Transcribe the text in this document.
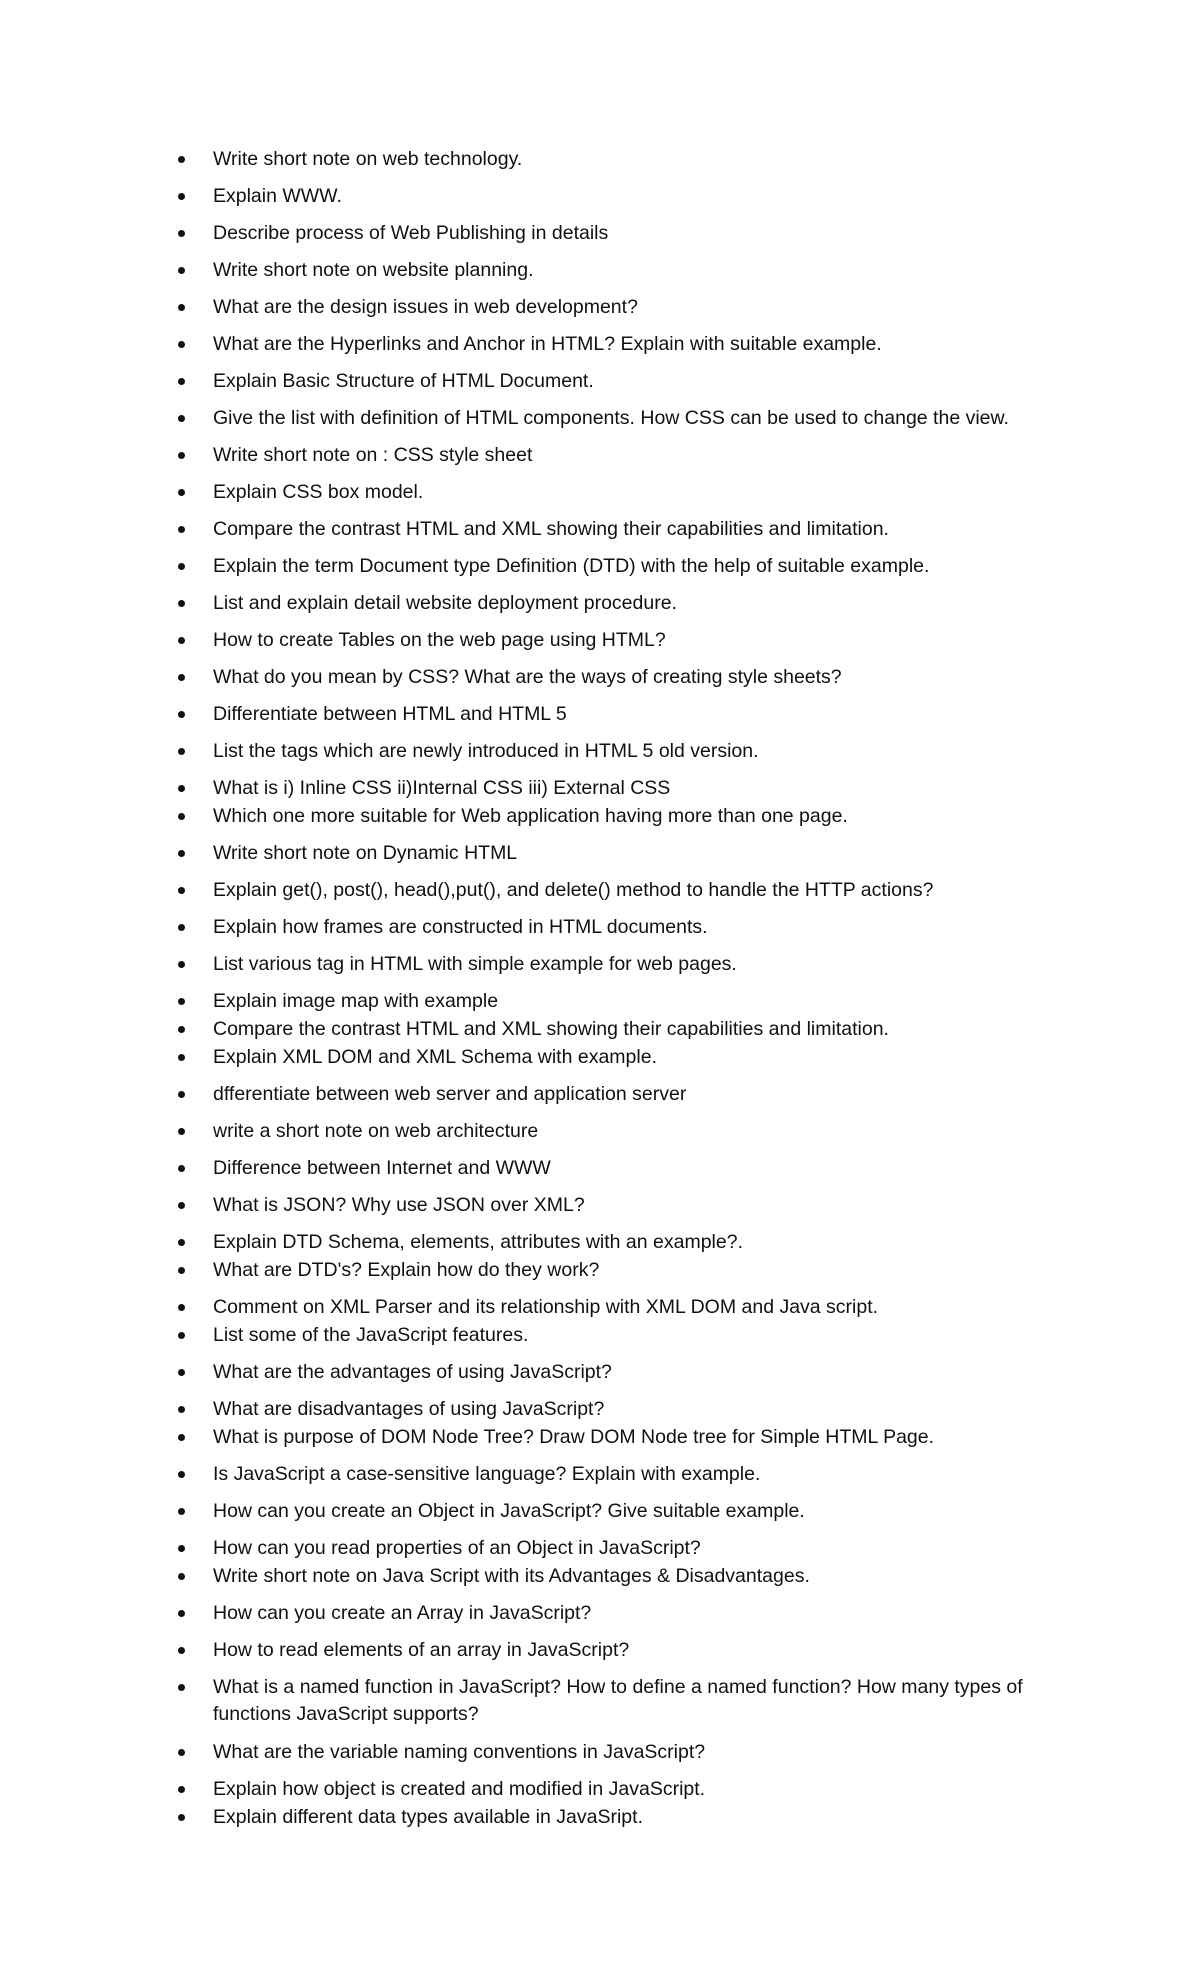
Write short note on web technology.
Explain WWW.
Describe process of Web Publishing in details
Write short note on website planning.
What are the design issues in web development?
What are the Hyperlinks and Anchor in HTML? Explain with suitable example.
Explain Basic Structure of HTML Document.
Give the list with definition of HTML components. How CSS can be used to change the view.
Write short note on : CSS style sheet
Explain CSS box model.
Compare the contrast HTML and XML showing their capabilities and limitation.
Explain the term Document type Definition (DTD) with the help of suitable example.
List and explain detail website deployment procedure.
How to create Tables on the web page using HTML?
What do you mean by CSS? What are the ways of creating style sheets?
Differentiate between HTML and HTML 5
List the tags which are newly introduced in HTML 5 old version.
What is i) Inline CSS ii)Internal CSS iii) External CSS
Which one more suitable for Web application having more than one page.
Write short note on Dynamic HTML
Explain get(), post(), head(),put(), and delete() method to handle the HTTP actions?
Explain how frames are constructed in HTML documents.
List various tag in HTML with simple example for web pages.
Explain image map with example
Compare the contrast HTML and XML showing their capabilities and limitation.
Explain XML DOM and XML Schema with example.
dfferentiate between web server and application server
write a short note on web architecture
Difference between Internet and WWW
What is JSON? Why use JSON over XML?
Explain DTD Schema, elements, attributes with an example?.
What are DTD's? Explain how do they work?
Comment on XML Parser and its relationship with XML DOM and Java script.
List some of the JavaScript features.
What are the advantages of using JavaScript?
What are disadvantages of using JavaScript?
What is purpose of DOM Node Tree? Draw DOM Node tree for Simple HTML Page.
Is JavaScript a case-sensitive language? Explain with example.
How can you create an Object in JavaScript? Give suitable example.
How can you read properties of an Object in JavaScript?
Write short note on Java Script with its Advantages & Disadvantages.
How can you create an Array in JavaScript?
How to read elements of an array in JavaScript?
What is a named function in JavaScript? How to define a named function? How many types of functions JavaScript supports?
What are the variable naming conventions in JavaScript?
Explain how object is created and modified in JavaScript.
Explain different data types available in JavaSript.
